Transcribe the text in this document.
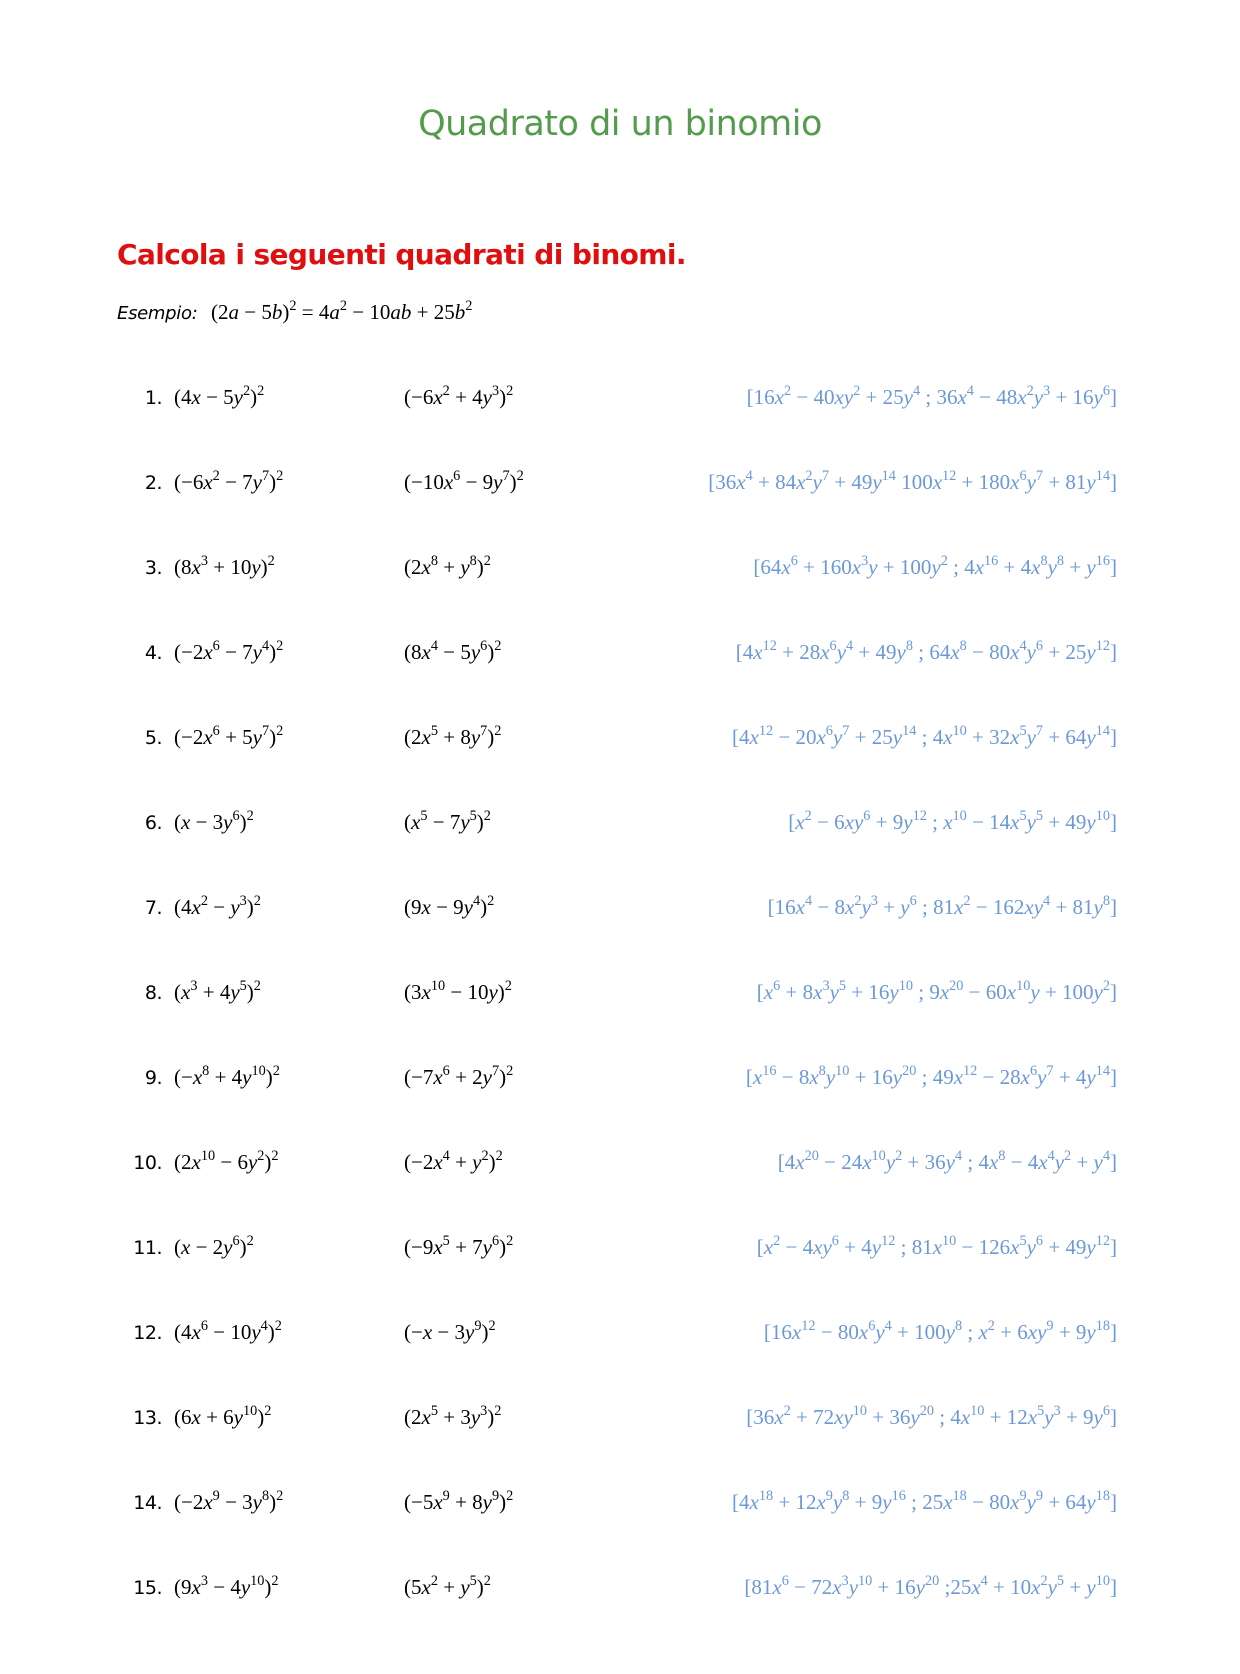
Quadrato di un binomio
Calcola i seguenti quadrati di binomi.
Esempio: $(2a - 5b)^2 = 4a^2 - 10ab + 25b^2$
1. $(4x - 5y^2)^2$	$(-6x^2 + 4y^3)^2$	[$16x^2 - 40xy^2 + 25y^4$ ; $36x^4 - 48x^2y^3 + 16y^6$]
2. $(-6x^2 - 7y^7)^2$	$(-10x^6 - 9y^7)^2$	[$36x^4 + 84x^2y^7 + 49y^{14}$ $100x^{12} + 180x^6y^7 + 81y^{14}$]
3. $(8x^3 + 10y)^2$	$(2x^8 + y^8)^2$	[$64x^6 + 160x^3y + 100y^2$ ; $4x^{16} + 4x^8y^8 + y^{16}$]
4. $(-2x^6 - 7y^4)^2$	$(8x^4 - 5y^6)^2$	[$4x^{12} + 28x^6y^4 + 49y^8$ ; $64x^8 - 80x^4y^6 + 25y^{12}$]
5. $(-2x^6 + 5y^7)^2$	$(2x^5 + 8y^7)^2$	[$4x^{12} - 20x^6y^7 + 25y^{14}$ ; $4x^{10} + 32x^5y^7 + 64y^{14}$]
6. $(x - 3y^6)^2$	$(x^5 - 7y^5)^2$	[$x^2 - 6xy^6 + 9y^{12}$ ; $x^{10} - 14x^5y^5 + 49y^{10}$]
7. $(4x^2 - y^3)^2$	$(9x - 9y^4)^2$	[$16x^4 - 8x^2y^3 + y^6$ ; $81x^2 - 162xy^4 + 81y^8$]
8. $(x^3 + 4y^5)^2$	$(3x^{10} - 10y)^2$	[$x^6 + 8x^3y^5 + 16y^{10}$ ; $9x^{20} - 60x^{10}y + 100y^2$]
9. $(-x^8 + 4y^{10})^2$	$(-7x^6 + 2y^7)^2$	[$x^{16} - 8x^8y^{10} + 16y^{20}$ ; $49x^{12} - 28x^6y^7 + 4y^{14}$]
10. $(2x^{10} - 6y^2)^2$	$(-2x^4 + y^2)^2$	[$4x^{20} - 24x^{10}y^2 + 36y^4$ ; $4x^8 - 4x^4y^2 + y^4$]
11. $(x - 2y^6)^2$	$(-9x^5 + 7y^6)^2$	[$x^2 - 4xy^6 + 4y^{12}$ ; $81x^{10} - 126x^5y^6 + 49y^{12}$]
12. $(4x^6 - 10y^4)^2$	$(-x - 3y^9)^2$	[$16x^{12} - 80x^6y^4 + 100y^8$ ; $x^2 + 6xy^9 + 9y^{18}$]
13. $(6x + 6y^{10})^2$	$(2x^5 + 3y^3)^2$	[$36x^2 + 72xy^{10} + 36y^{20}$ ; $4x^{10} + 12x^5y^3 + 9y^6$]
14. $(-2x^9 - 3y^8)^2$	$(-5x^9 + 8y^9)^2$	[$4x^{18} + 12x^9y^8 + 9y^{16}$ ; $25x^{18} - 80x^9y^9 + 64y^{18}$]
15. $(9x^3 - 4y^{10})^2$	$(5x^2 + y^5)^2$	[$81x^6 - 72x^3y^{10} + 16y^{20}$ $;25x^4 + 10x^2y^5 + y^{10}$]
